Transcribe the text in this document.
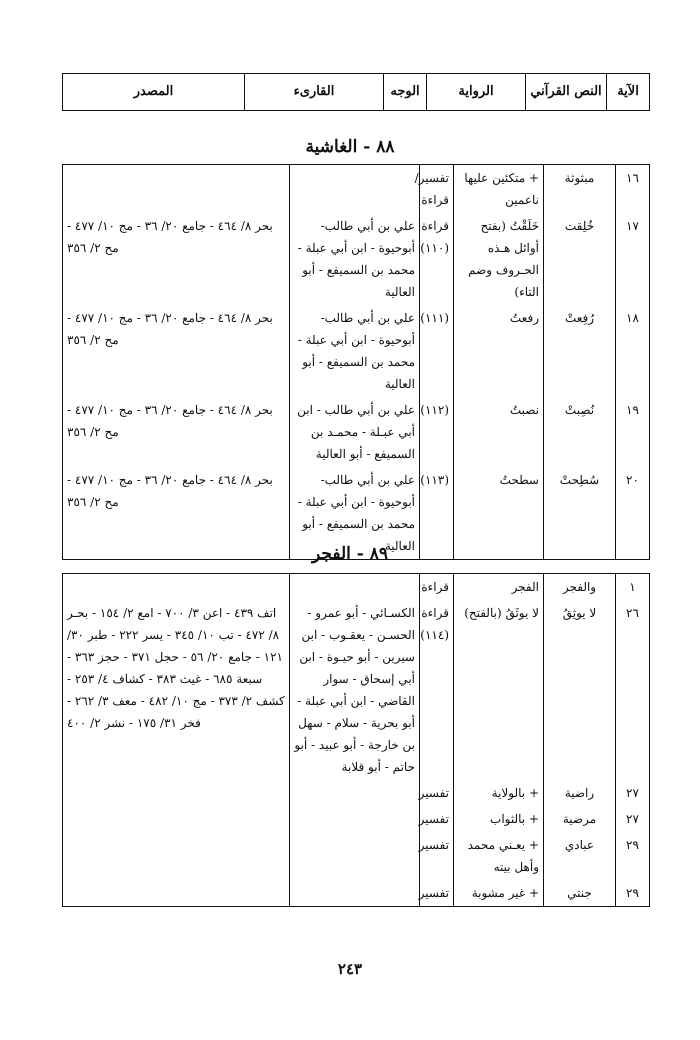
الآية	النص القرآني	الرواية	الوجه	القارىء	المصدر
٨٨ - الغاشية
١٦	مبثوثة	+ متكئين عليها ناعمين	تفسير/ قراءة		
١٧	خُلِقت	خَلَقْتُ (بفتح أوائل هـذه الحـروف وضم التاء)	قراءة (١١٠)	علي بن أبي طالب-أبوحيوة - ابن أبي عبلة - محمد بن السميفع - أبو العالية	بحر ٨/ ٤٦٤ - جامع ٢٠/ ٣٦ - مج ١٠/ ٤٧٧ - مح ٢/ ٣٥٦
١٨	رُفِعتْ	رفعتُ	(١١١)	علي بن أبي طالب-أبوحيوة - ابن أبي عبلة - محمد بن السميفع - أبو العالية	بحر ٨/ ٤٦٤ - جامع ٢٠/ ٣٦ - مج ١٠/ ٤٧٧ - مح ٢/ ٣٥٦
١٩	نُصِبتْ	نصبتُ	(١١٢)	علي بن أبي طالب - ابن أبي عبـلة - محمـد بن السميفع - أبو العالية	بحر ٨/ ٤٦٤ - جامع ٢٠/ ٣٦ - مج ١٠/ ٤٧٧ - مح ٢/ ٣٥٦
٢٠	سُطِحتْ	سطحتُ	(١١٣)	علي بن أبي طالب-أبوحيوة - ابن أبي عبلة - محمد بن السميفع - أبو العالية	بحر ٨/ ٤٦٤ - جامع ٢٠/ ٣٦ - مج ١٠/ ٤٧٧ - مح ٢/ ٣٥٦
٨٩ - الفجر
١	والفجر	الفجر	قراءة		
٢٦	لا يوثِقُ	لا يوثَقُ (بالفتح)	قراءة (١١٤)	الكسـائي - أبو عمرو - الحسـن - يعقـوب - ابن سيرين - أبو حيـوة - ابن أبي إسحاق - سوار القاضي - ابن أبي عبلة - أبو بحرية - سلام - سهل بن خارجة - أبو عبيد - أبو حاتم - أبو قلابة	اتف ٤٣٩ - اعن ٣/ ٧٠٠ - امع ٢/ ١٥٤ - بحـر ٨/ ٤٧٢ - تب ١٠/ ٣٤٥ - يسر ٢٢٢ - طبر ٣٠/ ١٢١ - جامع ٢٠/ ٥٦ - حجل ٣٧١ - حجز ٣٦٣ - سبعة ٦٨٥ - غيث ٣٨٣ - كشاف ٤/ ٢٥٣ - كشف ٢/ ٣٧٣ - مج ١٠/ ٤٨٢ - معف ٣/ ٢٦٢ - فخر ٣١/ ١٧٥ - نشر ٢/ ٤٠٠
٢٧	راضية	+ بالولاية	تفسير		
٢٧	مرضية	+ بالثواب	تفسير		
٢٩	عبادي	+ يعـني محمد وأهل بيته	تفسير		
٢٩	جنتي	+ غير مشوبة	تفسير		
٢٤٣
